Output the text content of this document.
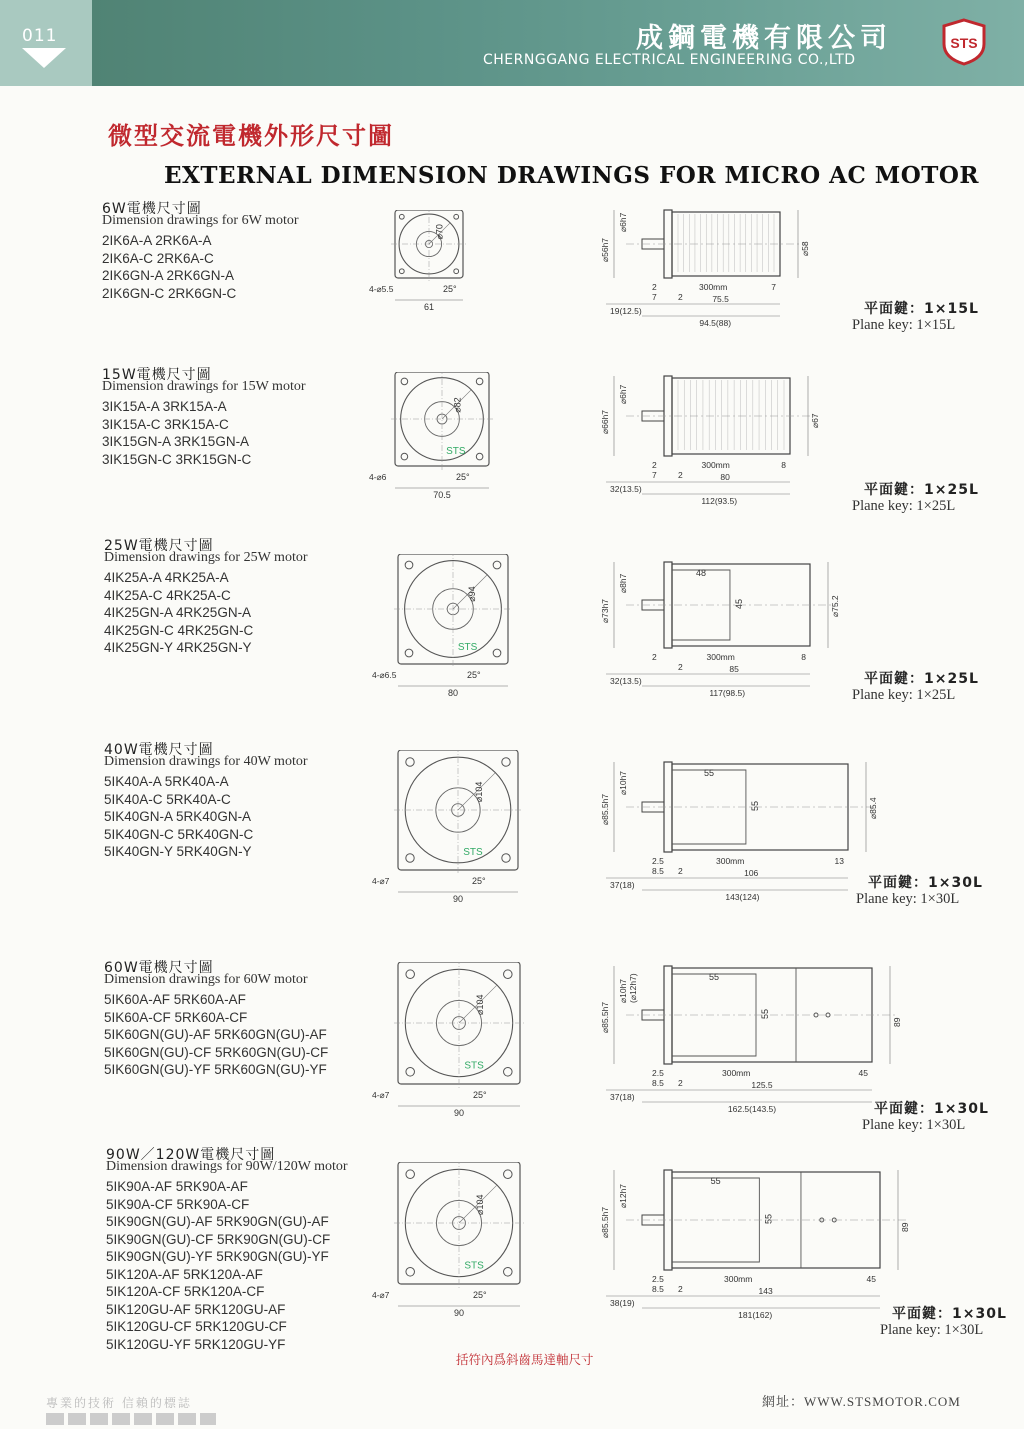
011	成鋼電機有限公司
CHERNGGANG ELECTRICAL ENGINEERING CO.,LTD
STS
微型交流電機外形尺寸圖
EXTERNAL DIMENSION DRAWINGS FOR MICRO AC MOTOR
6W電機尺寸圖
Dimension drawings for 6W motor
2IK6A-A 2RK6A-A
2IK6A-C 2RK6A-C
2IK6GN-A 2RK6GN-A
2IK6GN-C 2RK6GN-C
⌀70
4-⌀5.5
61
25°
⌀56h7
⌀6h7
⌀58
2
7	2
300mm	7
19(12.5)
75.5
94.5(88)
平面鍵：1×15L
Plane key: 1×15L
15W電機尺寸圖
Dimension drawings for 15W motor
3IK15A-A 3RK15A-A
3IK15A-C 3RK15A-C
3IK15GN-A 3RK15GN-A
3IK15GN-C 3RK15GN-C
⌀82
STS
4-⌀6
70.5
25°
⌀66h7
⌀6h7
⌀67
2
7	2
300mm	8
32(13.5)
80
112(93.5)
平面鍵：1×25L
Plane key: 1×25L
25W電機尺寸圖
Dimension drawings for 25W motor
4IK25A-A 4RK25A-A
4IK25A-C 4RK25A-C
4IK25GN-A 4RK25GN-A
4IK25GN-C 4RK25GN-C
4IK25GN-Y 4RK25GN-Y
⌀94
STS
4-⌀6.5
80
25°
48
45
⌀73h7
⌀8h7
⌀75.2
2
2
300mm	8
32(13.5)
85
117(98.5)
平面鍵：1×25L
Plane key: 1×25L
40W電機尺寸圖
Dimension drawings for 40W motor
5IK40A-A 5RK40A-A
5IK40A-C 5RK40A-C
5IK40GN-A 5RK40GN-A
5IK40GN-C 5RK40GN-C
5IK40GN-Y 5RK40GN-Y
⌀104
STS
4-⌀7
90
25°
55
55
⌀85.5h7
⌀10h7
⌀85.4
2.5
8.5 2
300mm	13
37(18)
106
143(124)
平面鍵：1×30L
Plane key: 1×30L
60W電機尺寸圖
Dimension drawings for 60W motor
5IK60A-AF 5RK60A-AF
5IK60A-CF 5RK60A-CF
5IK60GN(GU)-AF 5RK60GN(GU)-AF
5IK60GN(GU)-CF 5RK60GN(GU)-CF
5IK60GN(GU)-YF 5RK60GN(GU)-YF
⌀104
STS
4-⌀7
90
25°
55
55
⌀85.5h7
⌀10h7 (⌀12h7)
89
2.5
8.5 2
300mm	45
37(18)
125.5
162.5(143.5)	平面鍵：1×30L
Plane key: 1×30L
90W／120W電機尺寸圖
Dimension drawings for 90W/120W motor
5IK90A-AF 5RK90A-AF
5IK90A-CF 5RK90A-CF
5IK90GN(GU)-AF 5RK90GN(GU)-AF
5IK90GN(GU)-CF 5RK90GN(GU)-CF
5IK90GN(GU)-YF 5RK90GN(GU)-YF
5IK120A-AF 5RK120A-AF
5IK120A-CF 5RK120A-CF
5IK120GU-AF 5RK120GU-AF
5IK120GU-CF 5RK120GU-CF
5IK120GU-YF 5RK120GU-YF
⌀104
STS
4-⌀7
90
25°
55
55
⌀85.5h7
⌀12h7
89
2.5
8.5 2
300mm	45
38(19)
143
181(162)	平面鍵：1×30L
Plane key: 1×30L
括符內爲斜齒馬達軸尺寸
專業的技術 信賴的標誌	網址：WWW.STSMOTOR.COM
